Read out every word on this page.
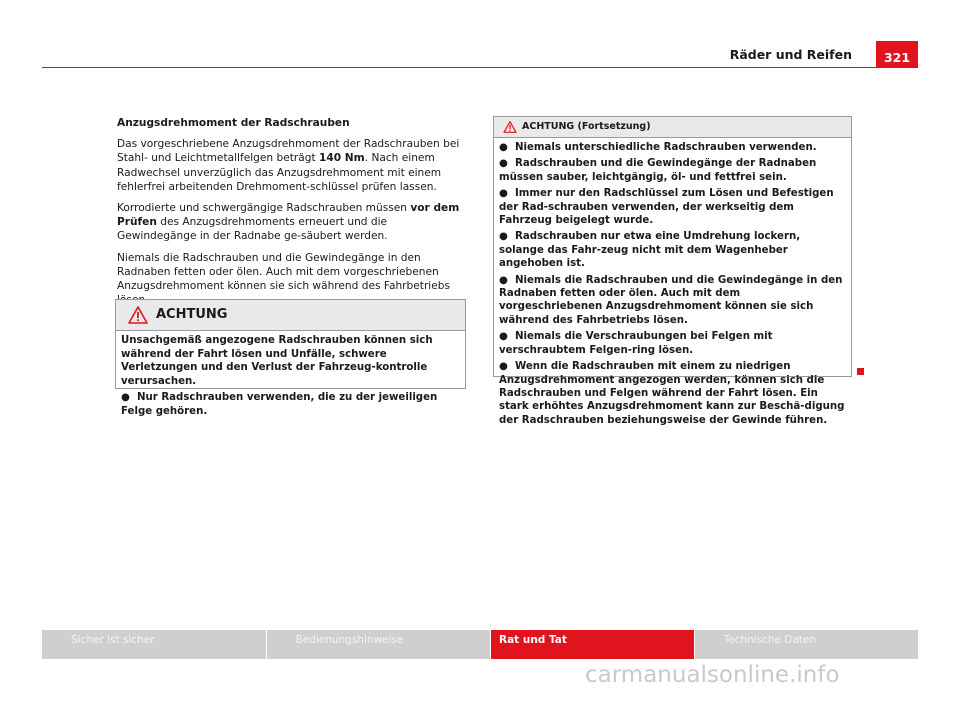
Räder und Reifen	321

Anzugsdrehmoment der Radschrauben

Das vorgeschriebene Anzugsdrehmoment der Radschrauben bei Stahl- und Leichtmetallfelgen beträgt 140 Nm. Nach einem Radwechsel unverzüglich das Anzugsdrehmoment mit einem fehlerfrei arbeitenden Drehmoment-schlüssel prüfen lassen.

Korrodierte und schwergängige Radschrauben müssen vor dem Prüfen des Anzugsdrehmoments erneuert und die Gewindegänge in der Radnabe ge-säubert werden.

Niemals die Radschrauben und die Gewindegänge in den Radnaben fetten oder ölen. Auch mit dem vorgeschriebenen Anzugsdrehmoment können sie sich während des Fahrbetriebs

ACHTUNG

Unsachgemäß angezogene Radschrauben können sich während der Fahrt lösen und Unfälle, schwere Verletzungen und den Verlust der Fahrzeug-kontrolle verursachen.

● Nur Radschrauben verwenden, die zu der jeweiligen Felge gehören.

ACHTUNG (Fortsetzung)

● Niemals unterschiedliche Radschrauben verwenden.

● Radschrauben und die Gewindegänge der Radnaben müssen sauber, leichtgängig, öl- und fettfrei sein.

● Immer nur den Radschlüssel zum Lösen und Befestigen der Rad-schrauben verwenden, der werkseitig dem Fahrzeug beigelegt wurde.

● Radschrauben nur etwa eine Umdrehung lockern, solange das Fahr-zeug nicht mit dem Wagenheber angehoben ist.

● Niemals die Radschrauben und die Gewindegänge in den Radnaben fetten oder ölen. Auch mit dem vorgeschriebenen Anzugsdrehmoment können sie sich während des Fahrbetriebs lösen.

● Niemals die Verschraubungen bei Felgen mit verschraubtem Felgen-ring lösen.

● Wenn die Radschrauben mit einem zu niedrigen Anzugsdrehmoment angezogen werden, können sich die Radschrauben und Felgen während der Fahrt lösen. Ein stark erhöhtes Anzugsdrehmoment kann zur Beschä-digung der Radschrauben beziehungsweise der Gewinde führen.

Sicher ist sicher	Bedienungshinweise	Rat und Tat	Technische Daten
carmanualsonline.info
